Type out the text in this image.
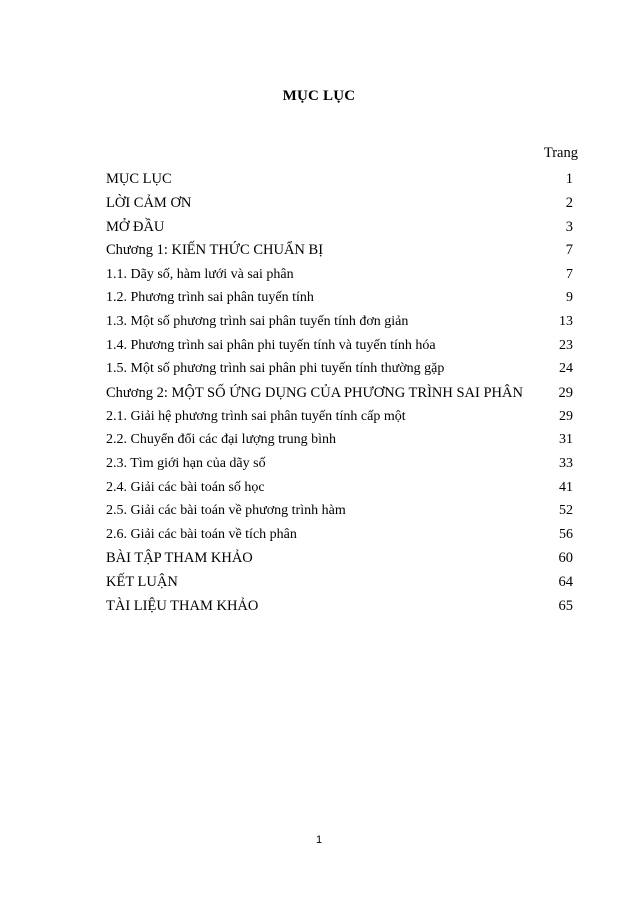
MỤC LỤC
Trang
MỤC LỤC	1
LỜI CẢM ƠN	2
MỞ ĐẦU	3
Chương 1: KIẾN THỨC CHUẨN BỊ	7
1.1. Dãy số, hàm lưới và sai phân	7
1.2. Phương trình sai phân tuyến tính	9
1.3. Một số phương trình sai phân tuyến tính đơn giản	13
1.4. Phương trình sai phân phi tuyến tính và tuyến tính hóa	23
1.5. Một số phương trình sai phân phi tuyến tính thường gặp	24
Chương 2: MỘT SỐ ỨNG DỤNG CỦA PHƯƠNG TRÌNH SAI PHÂN	29
2.1. Giải hệ phương trình sai phân tuyến tính cấp một	29
2.2. Chuyển đổi các đại lượng trung bình	31
2.3. Tìm giới hạn của dãy số	33
2.4. Giải các bài toán số học	41
2.5. Giải các bài toán về phương trình hàm	52
2.6. Giải các bài toán về tích phân	56
BÀI TẬP THAM KHẢO	60
KẾT LUẬN	64
TÀI LIỆU THAM KHẢO	65
1
